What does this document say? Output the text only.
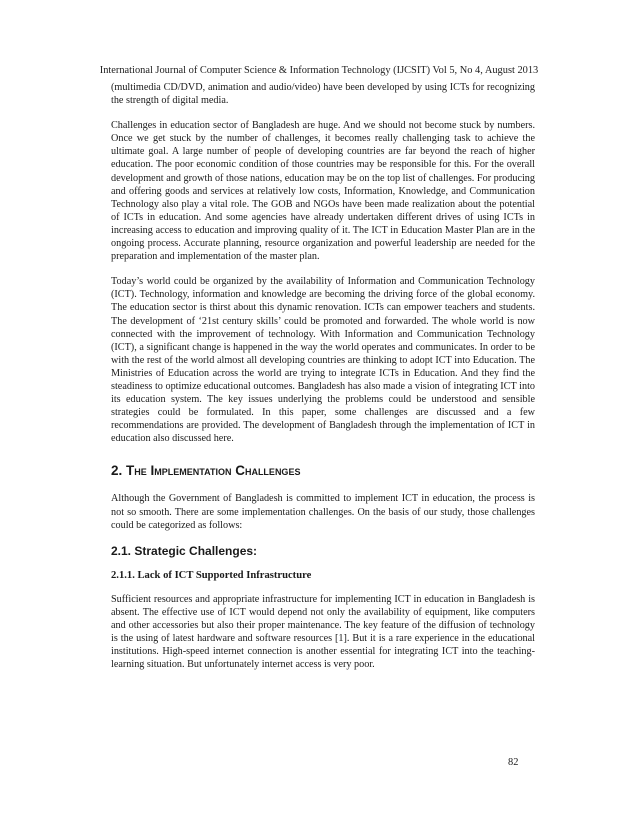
International Journal of Computer Science & Information Technology (IJCSIT) Vol 5, No 4, August 2013

(multimedia CD/DVD, animation and audio/video) have been developed by using ICTs for recognizing the strength of digital media.

Challenges in education sector of Bangladesh are huge. And we should not become stuck by numbers. Once we get stuck by the number of challenges, it becomes really challenging task to achieve the ultimate goal. A large number of people of developing countries are far beyond the reach of higher education. The poor economic condition of those countries may be responsible for this. For the overall development and growth of those nations, education may be on the top list of challenges. For producing and offering goods and services at relatively low costs, Information, Knowledge, and Communication Technology also play a vital role. The GOB and NGOs have been made realization about the potential of ICTs in education. And some agencies have already undertaken different drives of using ICTs in increasing access to education and improving quality of it. The ICT in Education Master Plan are in the ongoing process. Accurate planning, resource organization and powerful leadership are needed for the preparation and implementation of the master plan.

Today’s world could be organized by the availability of Information and Communication Technology (ICT). Technology, information and knowledge are becoming the driving force of the global economy. The education sector is thirst about this dynamic renovation. ICTs can empower teachers and students. The development of ‘21st century skills’ could be promoted and forwarded. The whole world is now connected with the improvement of technology. With Information and Communication Technology (ICT), a significant change is happened in the way the world operates and communicates. In order to be with the rest of the world almost all developing countries are thinking to adopt ICT into Education. The Ministries of Education across the world are trying to integrate ICTs in Education. And they find the steadiness to optimize educational outcomes. Bangladesh has also made a vision of integrating ICT into its education system. The key issues underlying the problems could be understood and sensible strategies could be formulated. In this paper, some challenges are discussed and a few recommendations are provided. The development of Bangladesh through the implementation of ICT in education also discussed here.

2. The Implementation Challenges

Although the Government of Bangladesh is committed to implement ICT in education, the process is not so smooth. There are some implementation challenges. On the basis of our study, those challenges could be categorized as follows:

2.1. Strategic Challenges:
2.1.1. Lack of ICT Supported Infrastructure

Sufficient resources and appropriate infrastructure for implementing ICT in education in Bangladesh is absent. The effective use of ICT would depend not only the availability of equipment, like computers and other accessories but also their proper maintenance. The key feature of the diffusion of technology is the using of latest hardware and software resources [1]. But it is a rare experience in the educational institutions. High-speed internet connection is another essential for integrating ICT into the teaching-learning situation. But unfortunately internet access is very poor.

82
